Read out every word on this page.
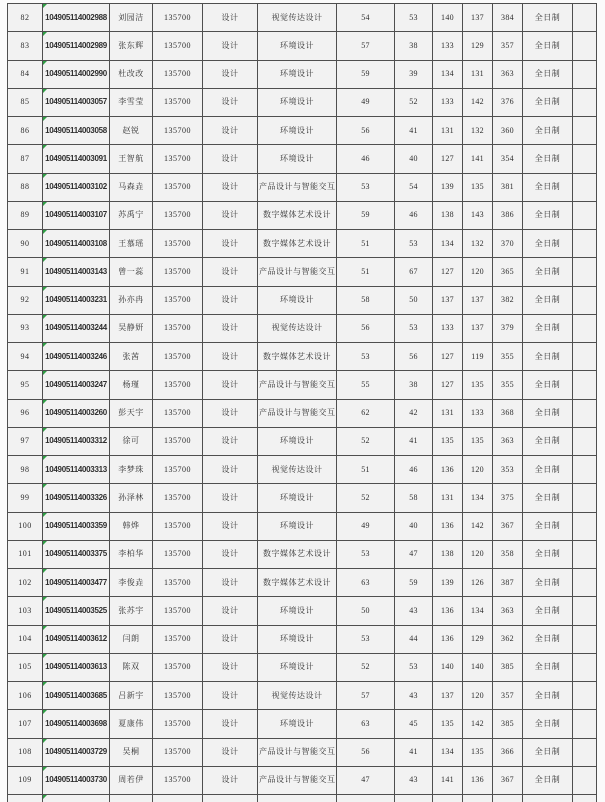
82	104905114002988	刘园洁	135700	设计	视觉传达设计	54	53	140	137	384	全日制	
83	104905114002989	张东辉	135700	设计	环境设计	57	38	133	129	357	全日制	
84	104905114002990	杜改改	135700	设计	环境设计	59	39	134	131	363	全日制	
85	104905114003057	李雪莹	135700	设计	环境设计	49	52	133	142	376	全日制	
86	104905114003058	赵锐	135700	设计	环境设计	56	41	131	132	360	全日制	
87	104905114003091	王智航	135700	设计	环境设计	46	40	127	141	354	全日制	
88	104905114003102	马森垚	135700	设计	产品设计与智能交互	53	54	139	135	381	全日制	
89	104905114003107	苏禹宁	135700	设计	数字媒体艺术设计	59	46	138	143	386	全日制	
90	104905114003108	王慕瑶	135700	设计	数字媒体艺术设计	51	53	134	132	370	全日制	
91	104905114003143	曾一蕊	135700	设计	产品设计与智能交互	51	67	127	120	365	全日制	
92	104905114003231	孙亦冉	135700	设计	环境设计	58	50	137	137	382	全日制	
93	104905114003244	吴静妍	135700	设计	视觉传达设计	56	53	133	137	379	全日制	
94	104905114003246	张茜	135700	设计	数字媒体艺术设计	53	56	127	119	355	全日制	
95	104905114003247	杨瑾	135700	设计	产品设计与智能交互	55	38	127	135	355	全日制	
96	104905114003260	彭天宇	135700	设计	产品设计与智能交互	62	42	131	133	368	全日制	
97	104905114003312	徐可	135700	设计	环境设计	52	41	135	135	363	全日制	
98	104905114003313	李梦珠	135700	设计	视觉传达设计	51	46	136	120	353	全日制	
99	104905114003326	孙泽林	135700	设计	环境设计	52	58	131	134	375	全日制	
100	104905114003359	韩烨	135700	设计	环境设计	49	40	136	142	367	全日制	
101	104905114003375	李柏华	135700	设计	数字媒体艺术设计	53	47	138	120	358	全日制	
102	104905114003477	李俊垚	135700	设计	数字媒体艺术设计	63	59	139	126	387	全日制	
103	104905114003525	张苏宇	135700	设计	环境设计	50	43	136	134	363	全日制	
104	104905114003612	闫朗	135700	设计	环境设计	53	44	136	129	362	全日制	
105	104905114003613	陈双	135700	设计	环境设计	52	53	140	140	385	全日制	
106	104905114003685	吕新宇	135700	设计	视觉传达设计	57	43	137	120	357	全日制	
107	104905114003698	夏康伟	135700	设计	环境设计	63	45	135	142	385	全日制	
108	104905114003729	吴桐	135700	设计	产品设计与智能交互	56	41	134	135	366	全日制	
109	104905114003730	周若伊	135700	设计	产品设计与智能交互	47	43	141	136	367	全日制	
